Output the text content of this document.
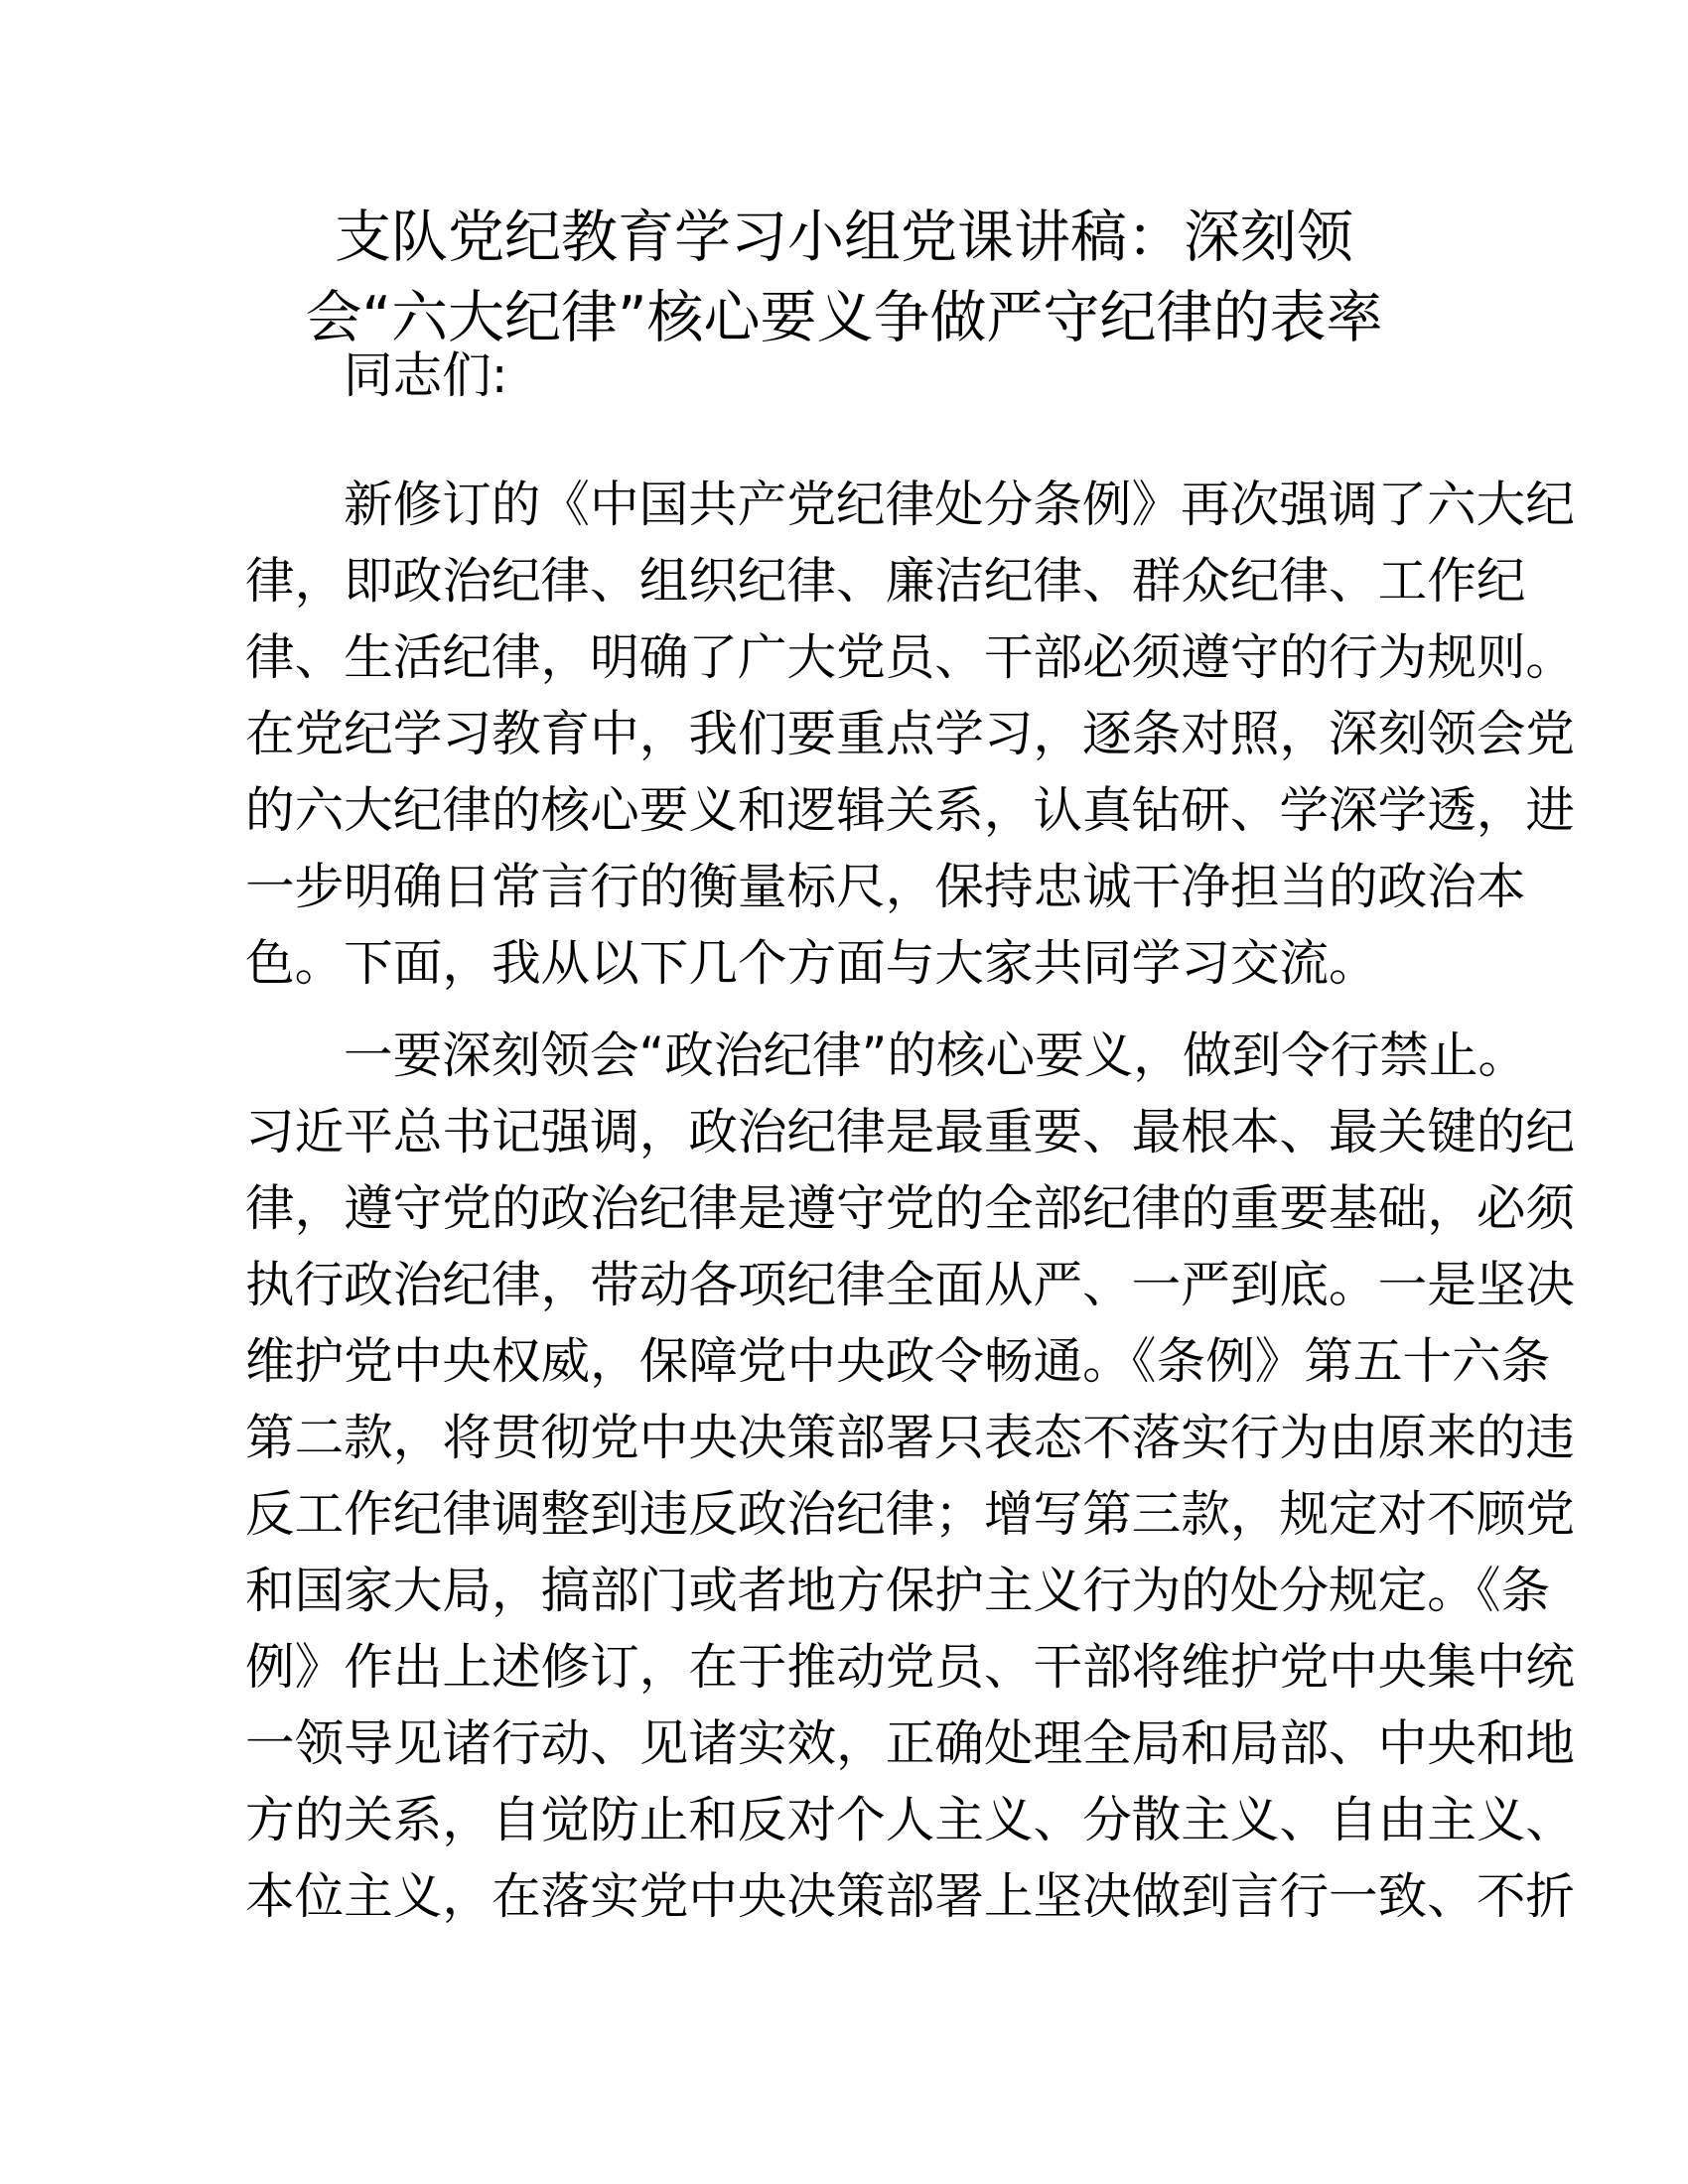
支队党纪教育学习小组党课讲稿：深刻领
会“六大纪律”核心要义争做严守纪律的表率
同志们:
新修订的《中国共产党纪律处分条例》再次强调了六大纪
律，即政治纪律、组织纪律、廉洁纪律、群众纪律、工作纪
律、生活纪律，明确了广大党员、干部必须遵守的行为规则。
在党纪学习教育中，我们要重点学习，逐条对照，深刻领会党
的六大纪律的核心要义和逻辑关系，认真钻研、学深学透，进
一步明确日常言行的衡量标尺，保持忠诚干净担当的政治本
色。下面，我从以下几个方面与大家共同学习交流。
一要深刻领会“政治纪律”的核心要义，做到令行禁止。
习近平总书记强调，政治纪律是最重要、最根本、最关键的纪
律，遵守党的政治纪律是遵守党的全部纪律的重要基础，必须
执行政治纪律，带动各项纪律全面从严、一严到底。一是坚决
维护党中央权威，保障党中央政令畅通。《条例》第五十六条
第二款，将贯彻党中央决策部署只表态不落实行为由原来的违
反工作纪律调整到违反政治纪律；增写第三款，规定对不顾党
和国家大局，搞部门或者地方保护主义行为的处分规定。《条
例》作出上述修订，在于推动党员、干部将维护党中央集中统
一领导见诸行动、见诸实效，正确处理全局和局部、中央和地
方的关系，自觉防止和反对个人主义、分散主义、自由主义、
本位主义，在落实党中央决策部署上坚决做到言行一致、不折
